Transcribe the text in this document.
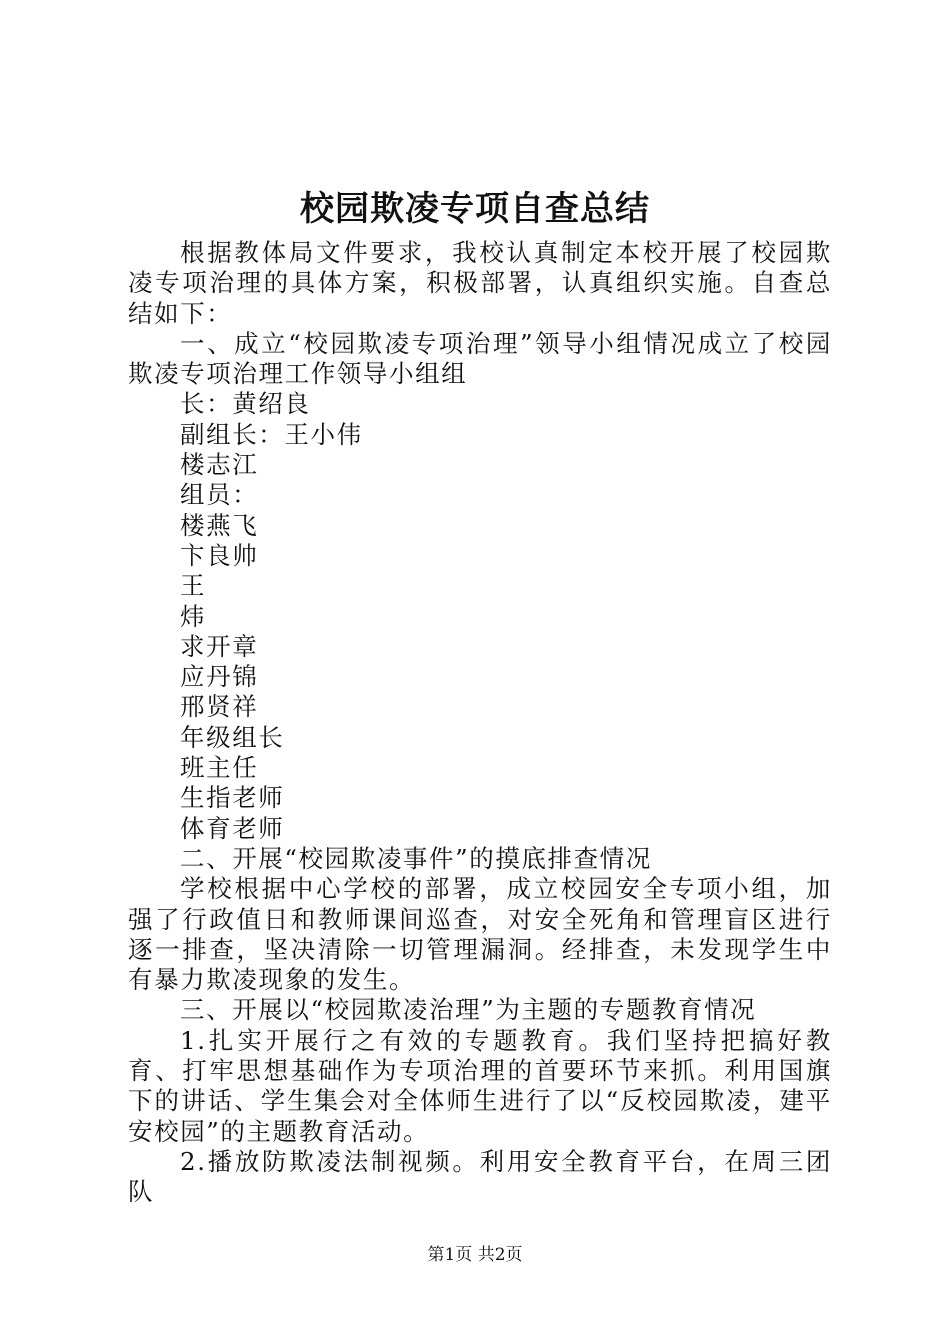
校园欺凌专项自查总结

根据教体局文件要求，我校认真制定本校开展了校园欺凌专项治理的具体方案，积极部署，认真组织实施。自查总结如下：

一、成立“校园欺凌专项治理”领导小组情况成立了校园欺凌专项治理工作领导小组组

长：黄绍良

副组长：王小伟

楼志江

组员：

楼燕飞

卞良帅

王

炜

求开章

应丹锦

邢贤祥

年级组长

班主任

生指老师

体育老师

二、开展“校园欺凌事件”的摸底排查情况

学校根据中心学校的部署，成立校园安全专项小组，加强了行政值日和教师课间巡查，对安全死角和管理盲区进行逐一排查，坚决清除一切管理漏洞。经排查，未发现学生中有暴力欺凌现象的发生。

三、开展以“校园欺凌治理”为主题的专题教育情况

1.扎实开展行之有效的专题教育。我们坚持把搞好教育、打牢思想基础作为专项治理的首要环节来抓。利用国旗下的讲话、学生集会对全体师生进行了以“反校园欺凌，建平安校园”的主题教育活动。

2.播放防欺凌法制视频。利用安全教育平台，在周三团队

第1页 共2页
